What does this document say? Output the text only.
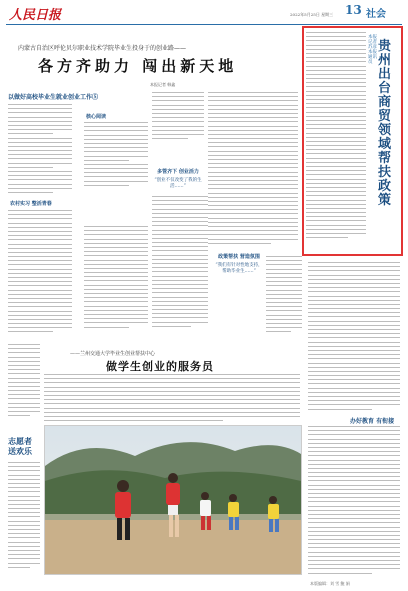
人民日报	2022年5月25日 星期三 13 社会
内蒙古自治区呼伦贝尔职业技术学院毕业生投身于的创业路——
各方齐助力 闯出新天地
本报记者 韩鑫
以做好高校毕业生就业创业工作⑤
核心阅读
多管齐下 创业活力
“创业不仅改变了我的生活……”
农村实习 整活青春
政策帮扶 营造氛围
“我们有针对性地支持，帮助毕业生……”
——兰州交通大学毕业生创业帮扶中心
做学生创业的服务员
志愿者送欢乐
本报记者苏彦 本报通讯员
贵州出台商贸领域帮扶政策
办好教育 有衔接
本版编辑：刘 雪 鲍 娟
